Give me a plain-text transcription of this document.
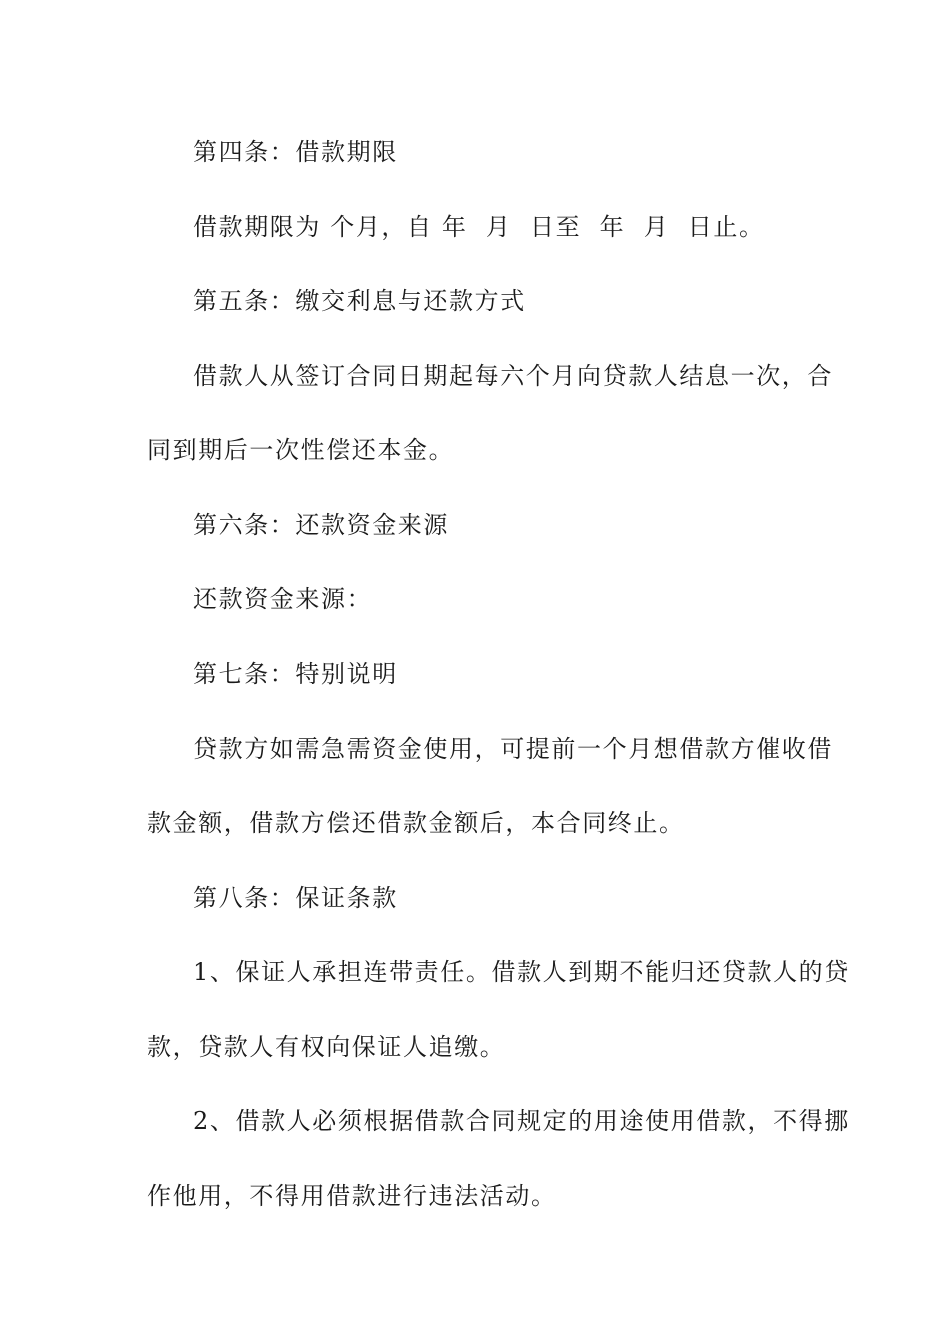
第四条：借款期限
借款期限为 个月，自 年  月  日至  年  月  日止。
第五条：缴交利息与还款方式
借款人从签订合同日期起每六个月向贷款人结息一次，合
同到期后一次性偿还本金。
第六条：还款资金来源
还款资金来源：
第七条：特别说明
贷款方如需急需资金使用，可提前一个月想借款方催收借
款金额，借款方偿还借款金额后，本合同终止。
第八条：保证条款
1、保证人承担连带责任。借款人到期不能归还贷款人的贷
款，贷款人有权向保证人追缴。
2、借款人必须根据借款合同规定的用途使用借款，不得挪
作他用，不得用借款进行违法活动。
